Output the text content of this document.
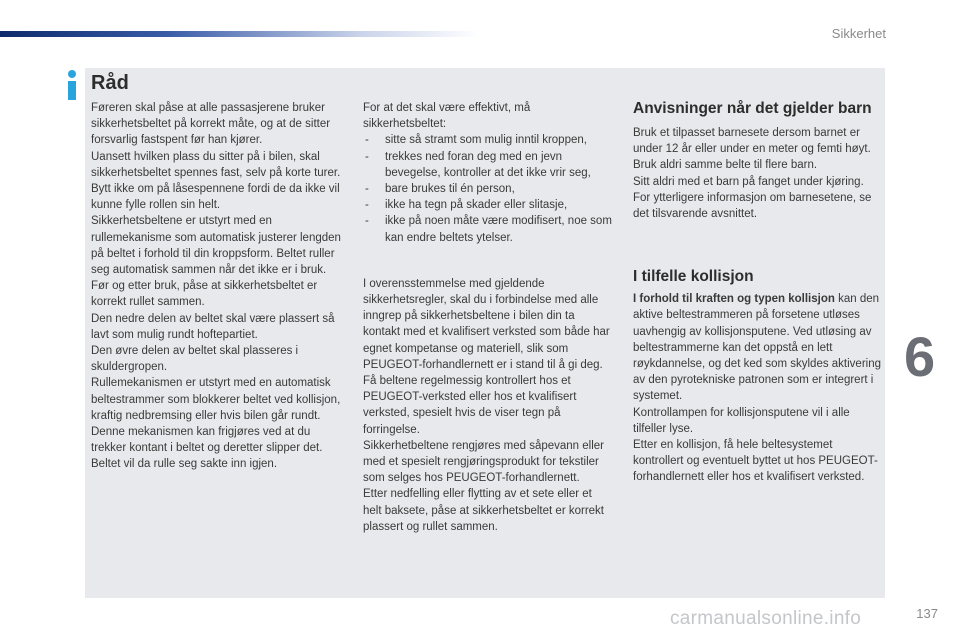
Sikkerhet
Råd

Føreren skal påse at alle passasjerene bruker sikkerhetsbeltet på korrekt måte, og at de sitter forsvarlig fastspent før han kjører.

Uansett hvilken plass du sitter på i bilen, skal sikkerhetsbeltet spennes fast, selv på korte turer.

Bytt ikke om på låsespennene fordi de da ikke vil kunne fylle rollen sin helt.

Sikkerhetsbeltene er utstyrt med en rullemekanisme som automatisk justerer lengden på beltet i forhold til din kroppsform. Beltet ruller seg automatisk sammen når det ikke er i bruk.

Før og etter bruk, påse at sikkerhetsbeltet er korrekt rullet sammen.

Den nedre delen av beltet skal være plassert så lavt som mulig rundt hoftepartiet.

Den øvre delen av beltet skal plasseres i skuldergropen.

Rullemekanismen er utstyrt med en automatisk beltestrammer som blokkerer beltet ved kollisjon, kraftig nedbremsing eller hvis bilen går rundt. Denne mekanismen kan frigjøres ved at du trekker kontant i beltet og deretter slipper det. Beltet vil da rulle seg sakte inn igjen.

For at det skal være effektivt, må sikkerhetsbeltet:

- sitte så stramt som mulig inntil kroppen,
- trekkes ned foran deg med en jevn bevegelse, kontroller at det ikke vrir seg,
- bare brukes til én person,
- ikke ha tegn på skader eller slitasje,
- ikke på noen måte være modifisert, noe som kan endre beltets ytelser.

I overensstemmelse med gjeldende sikkerhetsregler, skal du i forbindelse med alle inngrep på sikkerhetsbeltene i bilen din ta kontakt med et kvalifisert verksted som både har egnet kompetanse og materiell, slik som PEUGEOT-forhandlernett er i stand til å gi deg.

Få beltene regelmessig kontrollert hos et PEUGEOT-verksted eller hos et kvalifisert verksted, spesielt hvis de viser tegn på forringelse.

Sikkerhetbeltene rengjøres med såpevann eller med et spesielt rengjøringsprodukt for tekstiler som selges hos PEUGEOT-forhandlernett.

Etter nedfelling eller flytting av et sete eller et helt baksete, påse at sikkerhetsbeltet er korrekt plassert og rullet sammen.

Anvisninger når det gjelder barn

Bruk et tilpasset barnesete dersom barnet er under 12 år eller under en meter og femti høyt.

Bruk aldri samme belte til flere barn.

Sitt aldri med et barn på fanget under kjøring.

For ytterligere informasjon om barnesetene, se det tilsvarende avsnittet.

I tilfelle kollisjon

I forhold til kraften og typen kollisjon kan den aktive beltestrammeren på forsetene utløses uavhengig av kollisjonsputene. Ved utløsing av beltestrammerne kan det oppstå en lett røykdannelse, og det ked som skyldes aktivering av den pyrotekniske patronen som er integrert i systemet.

Kontrollampen for kollisjonsputene vil i alle tilfeller lyse.

Etter en kollisjon, få hele beltesystemet kontrollert og eventuelt byttet ut hos PEUGEOT-forhandlernett eller hos et kvalifisert verksted.

6
carmanualsonline.info	137
